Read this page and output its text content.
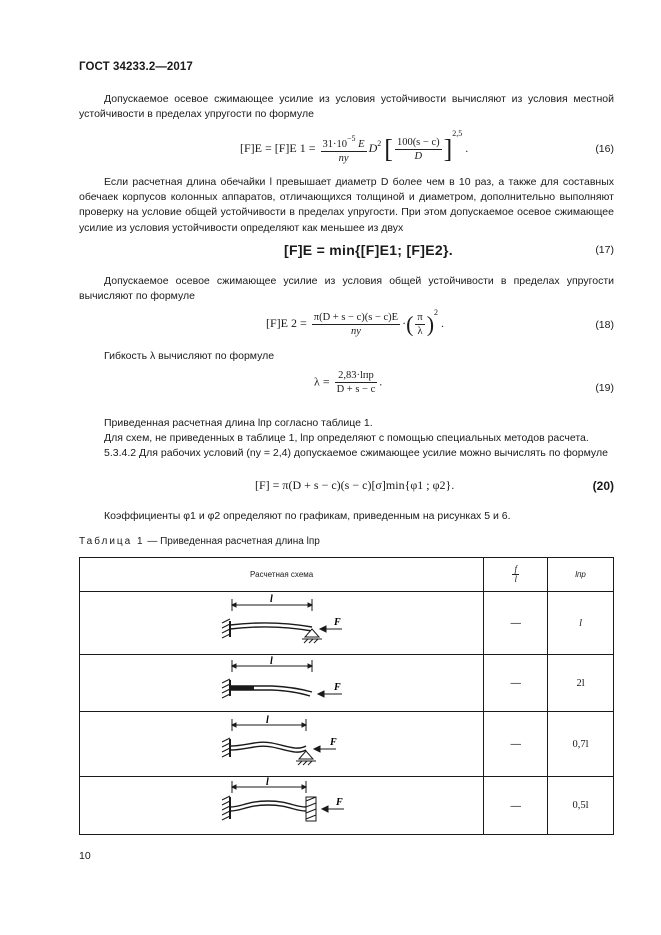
ГОСТ 34233.2—2017
Допускаемое осевое сжимающее усилие из условия устойчивости вычисляют из условия местной устойчивости в пределах упругости по формуле
[F]E = [F]E $1 = \frac{31\cdot 10^{-5} E}{ny} D^2$ [ $\frac{100(s - c)}{D} ]^{2,5}$ .	(16)
Если расчетная длина обечайки l превышает диаметр D более чем в 10 раз, а также для составных обечаек корпусов колонных аппаратов, отличающихся толщиной и диаметром, дополнительно выполняют проверку на условие общей устойчивости в пределах упругости. При этом допускаемое осевое сжимающее усилие из условия устойчивости определяют как меньшее из двух
[F]E = min{[F]E1; [F]E2}.	(17)
Допускаемое осевое сжимающее усилие из условия общей устойчивости в пределах упругости вычисляют по формуле
[F]E $2 = \frac{\pi(D + s - c)(s - c)E}{ny}$ ·( $\frac{\pi}{\lambda} )^2$ .	(18)
Гибкость λ вычисляют по формуле
$\lambda = \frac{\text{2,83·lпр}}{D + s - c}$ .	(19)
Приведенная расчетная длина lпр согласно таблице 1.
Для схем, не приведенных в таблице 1, lпр определяют с помощью специальных методов расчета.
5.3.4.2 Для рабочих условий (ny = 2,4) допускаемое сжимающее усилие можно вычислять по формуле
[F] = π(D + s − c)(s − c)[σ]min{φ1 ; φ2}.	(20)
Коэффициенты φ1 и φ2 определяют по графикам, приведенным на рисунках 5 и 6.
Таблица 1 — Приведенная расчетная длина lпр
Расчетная схема	$\frac{f}{l}$	lпр

l
F	—	l

l
F	—	2l

l
F	—	0,7l

l
F	—	0,5l
10
